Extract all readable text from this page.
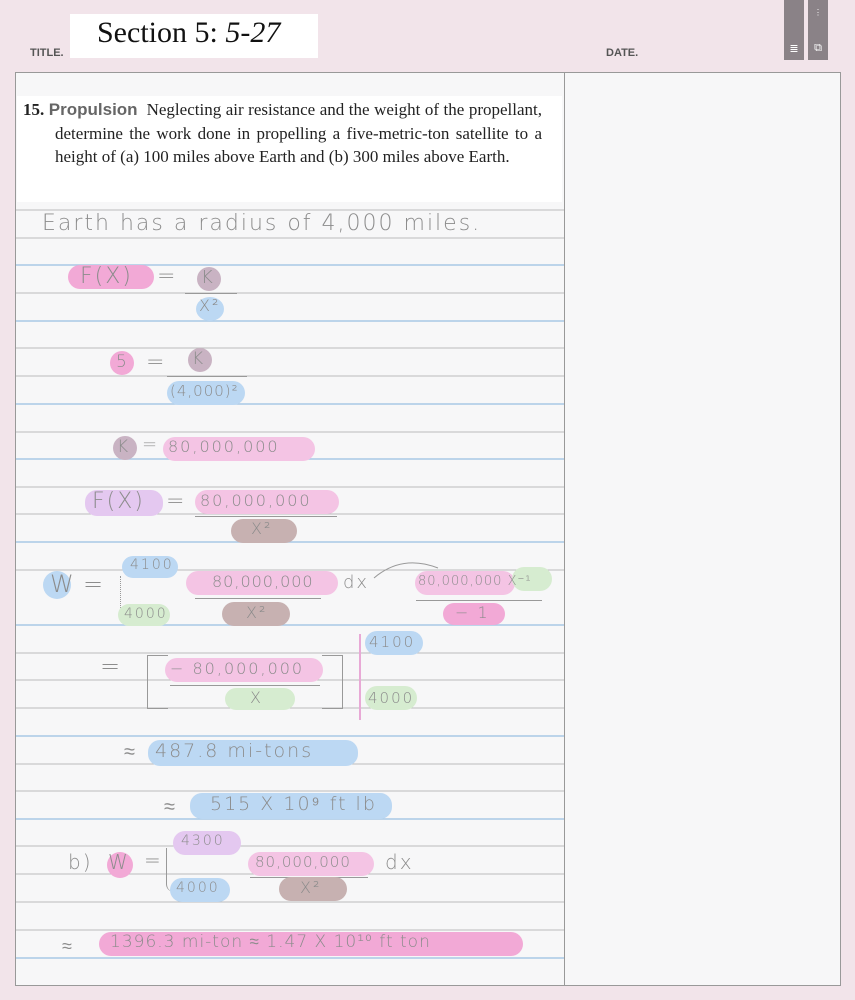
TITLE.
Section 5: 5-27
DATE.	≣
⋮
⧉

15. Propulsion Neglecting air resistance and the weight of the propellant, determine the work done in propelling a five-metric-ton satellite to a height of (a) 100 miles above Earth and (b) 300 miles above Earth.

Earth has a radius of 4,000 miles.
F(X) = K
X²
5 = K
(4,000)²
K = 80,000,000
F(X) = 80,000,000
X²
W =
4100
4000
80,000,000
X²
dx	80,000,000 X⁻¹
− 1
=	− 80,000,000
X
4100
4000
≈ 487.8 mi-tons
≈ 515 X 10⁹ ft lb
b) W =
4300
4000
80,000,000
X²
dx
≈ 1396.3 mi-ton ≈ 1.47 X 10¹⁰ ft ton
